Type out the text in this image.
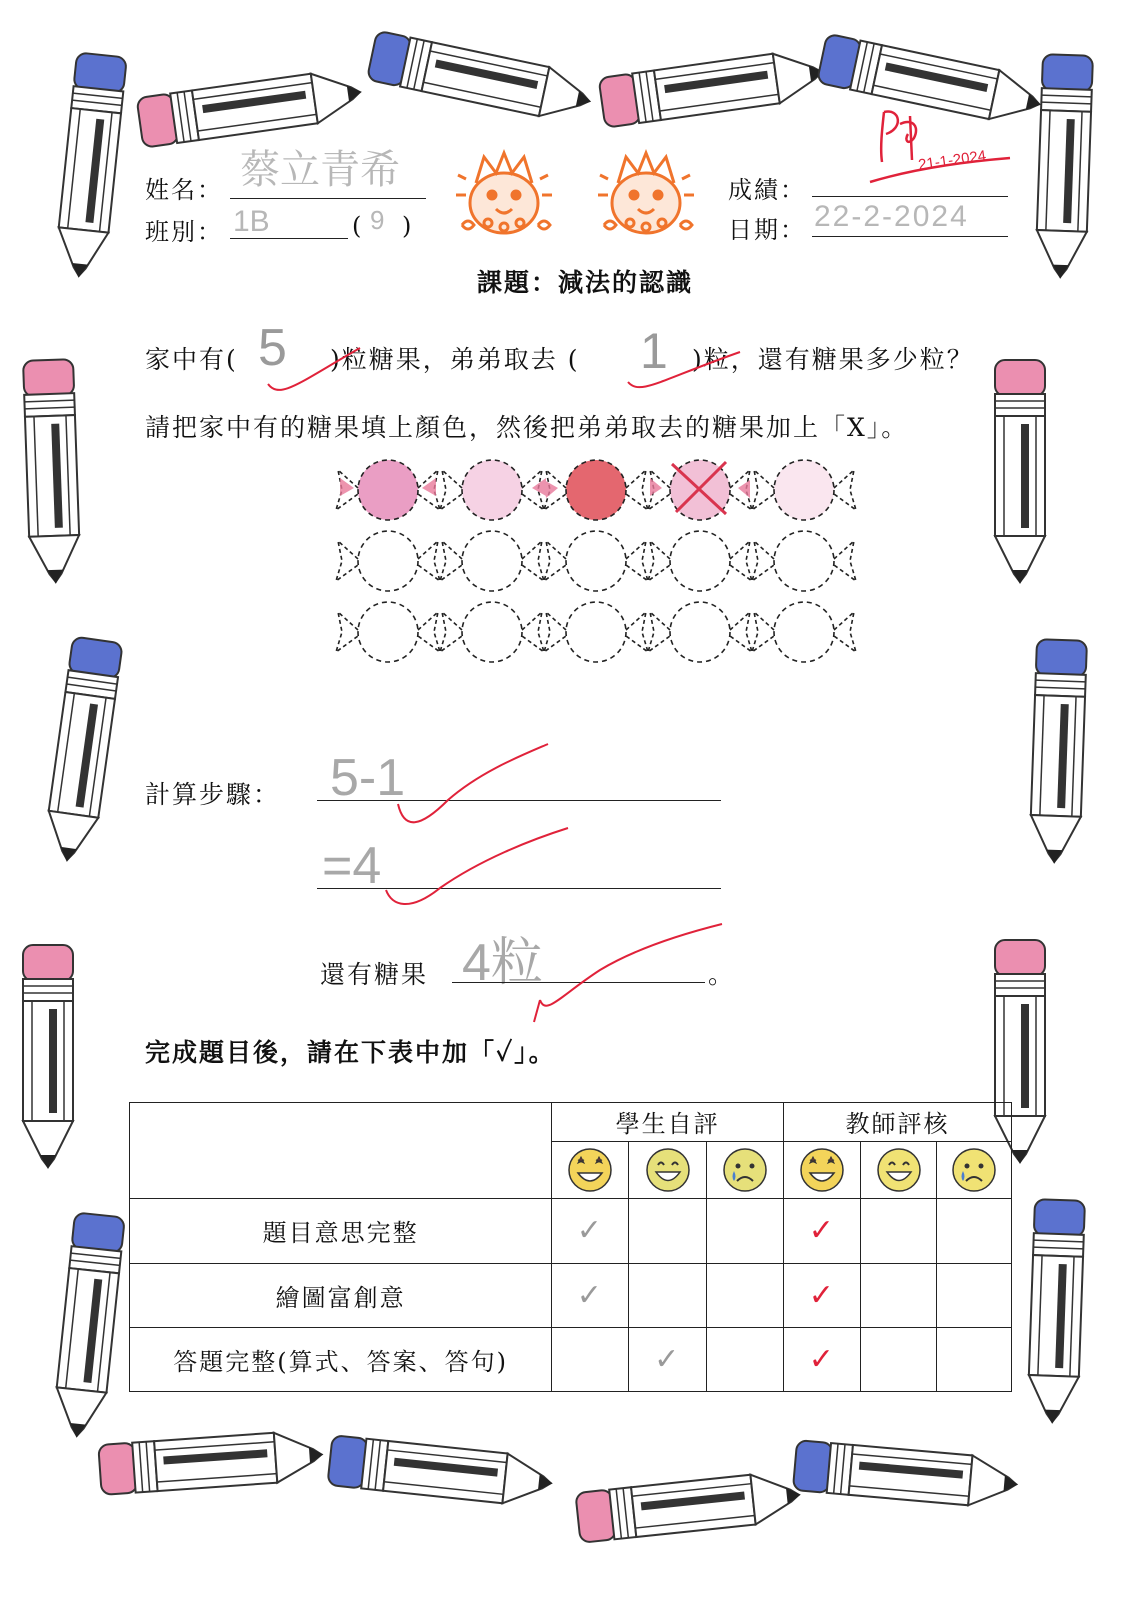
姓名： 蔡立青希
班別： 1B	( 9 )
成績：
21-1-2024
日期： 22-2-2024
課題：減法的認識
家中有( 5 )粒糖果，弟弟取去 ( 1 )粒，還有糖果多少粒？
請把家中有的糖果填上顏色，然後把弟弟取去的糖果加上「X」。
計算步驟： 5-1
=4
還有糖果 4粒	。
完成題目後，請在下表中加「✓」。
	學生自評			教師評核		

題目意思完整	✓			✓		
繪圖富創意	✓			✓		
答題完整(算式、答案、答句)		✓		✓		
